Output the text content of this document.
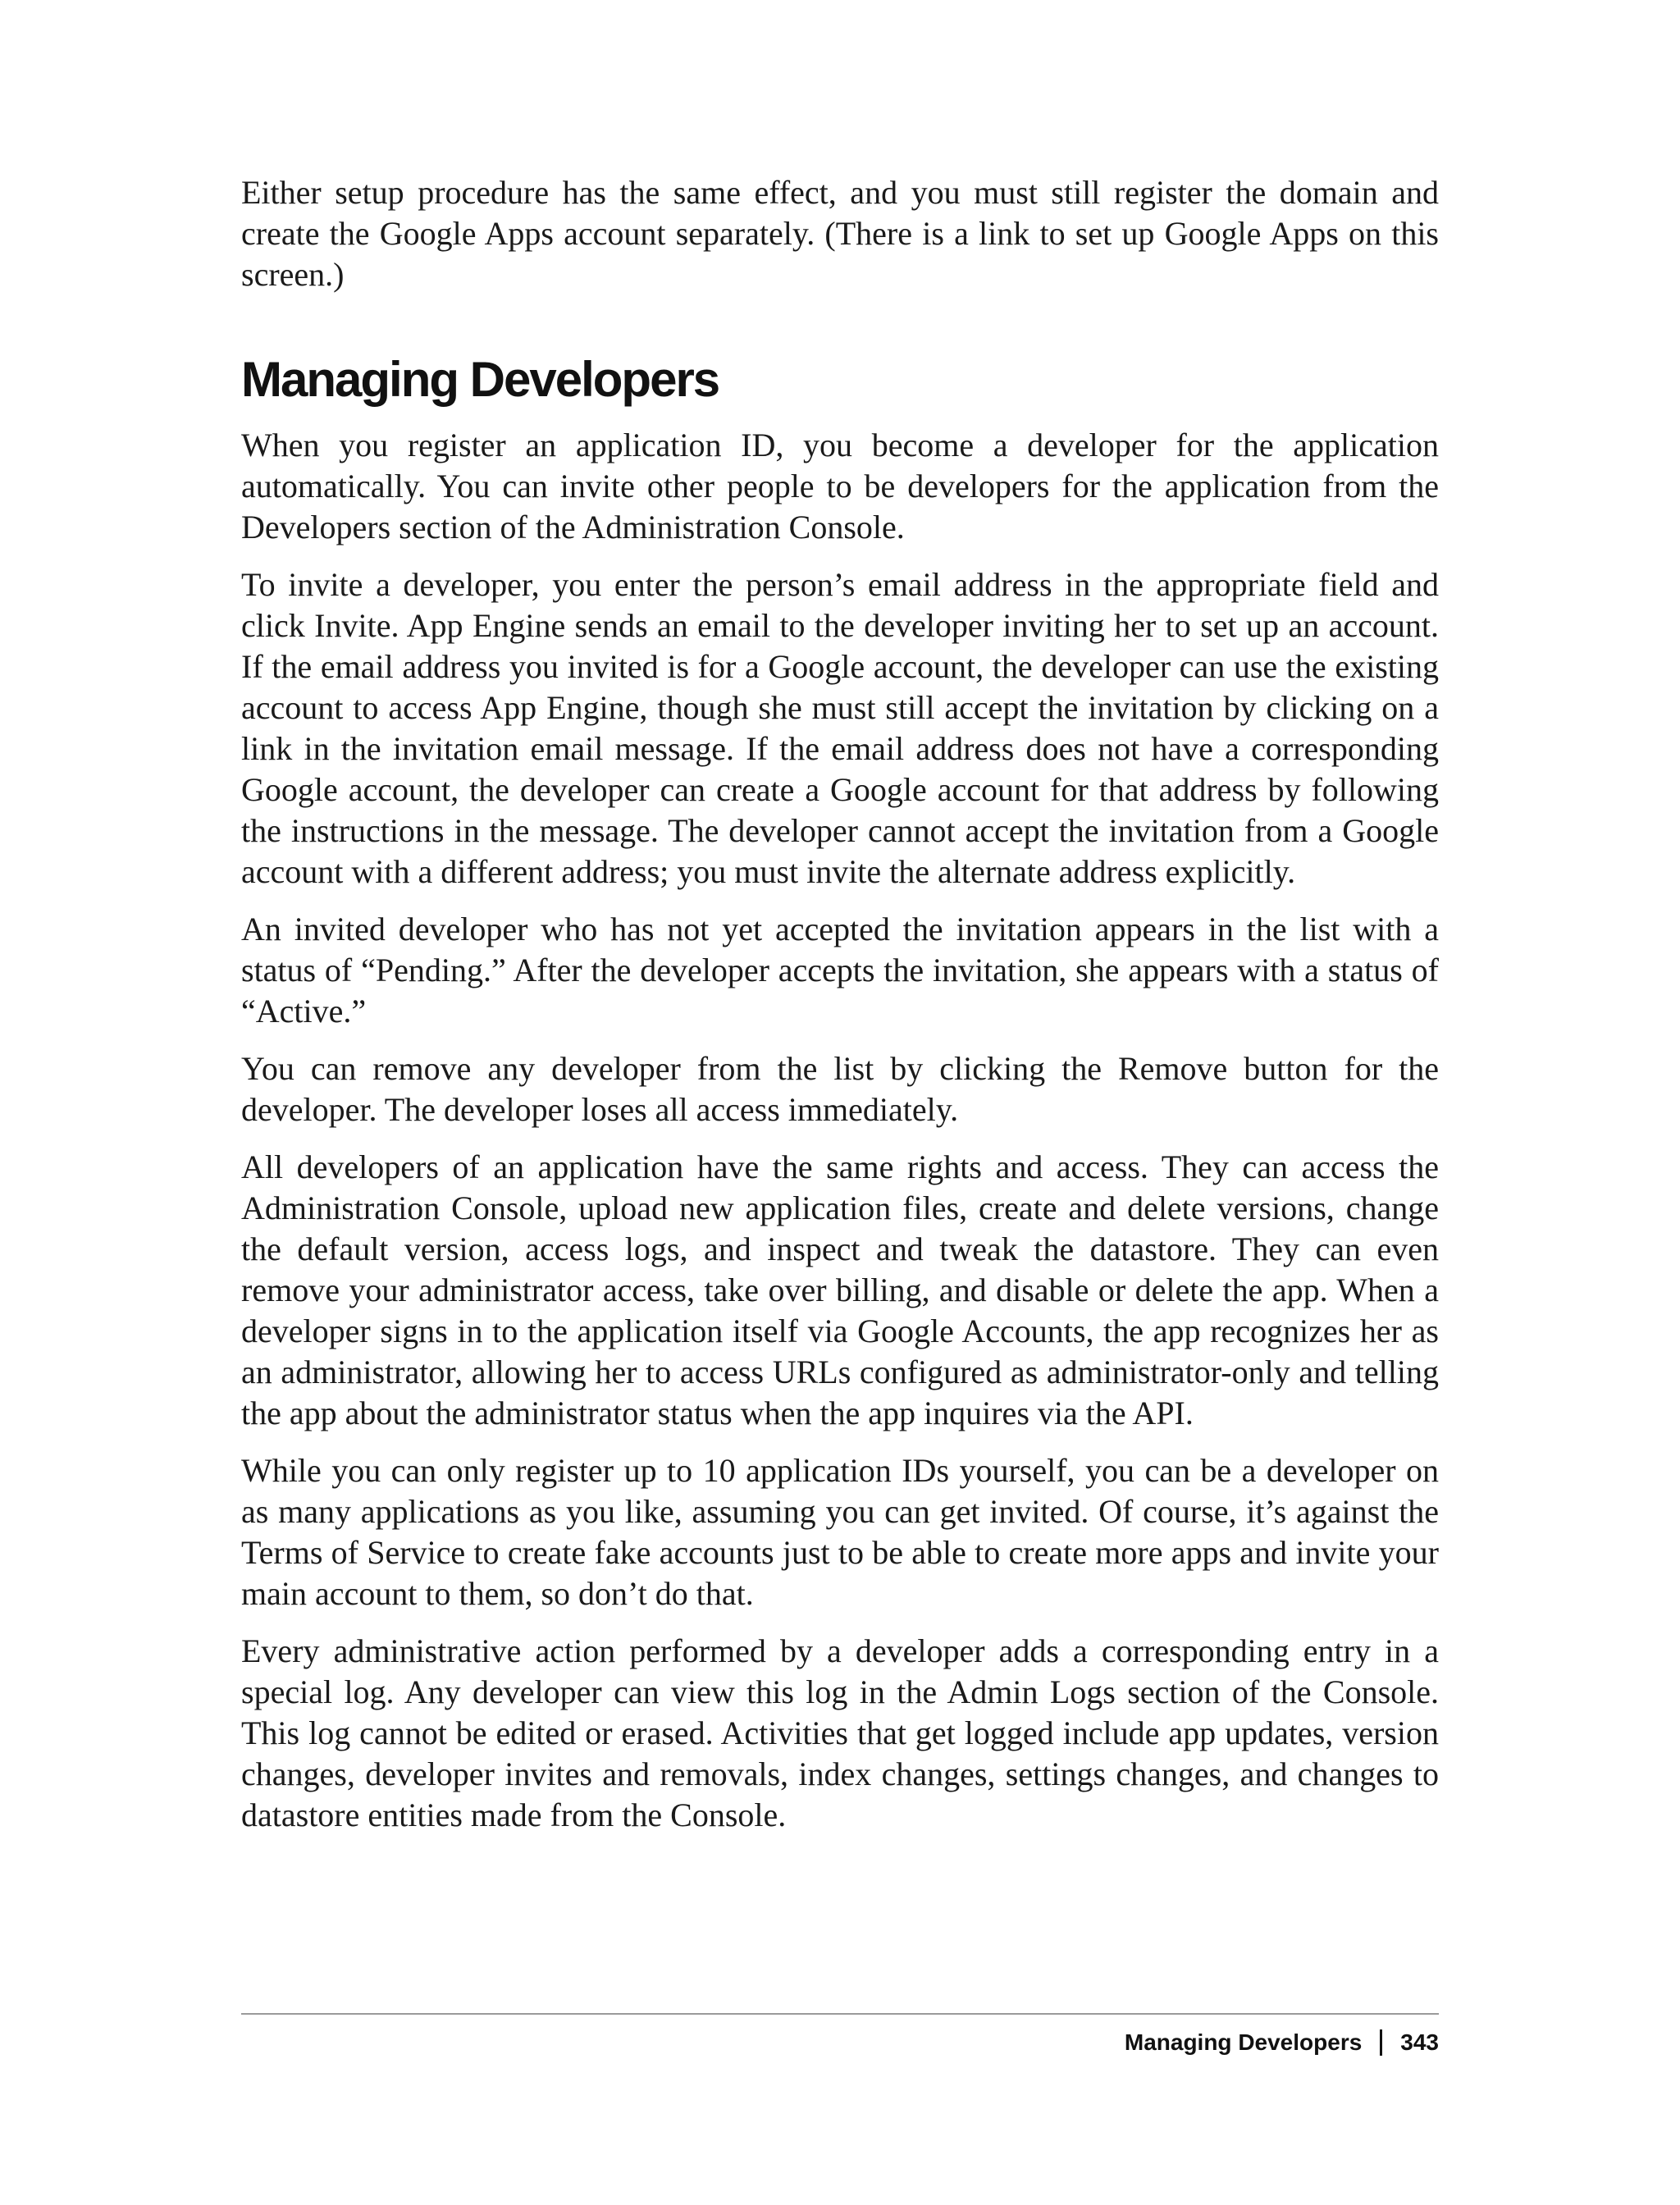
Either setup procedure has the same effect, and you must still register the domain and create the Google Apps account separately. (There is a link to set up Google Apps on this screen.)

Managing Developers

When you register an application ID, you become a developer for the application automatically. You can invite other people to be developers for the application from the Developers section of the Administration Console.

To invite a developer, you enter the person’s email address in the appropriate field and click Invite. App Engine sends an email to the developer inviting her to set up an account. If the email address you invited is for a Google account, the developer can use the existing account to access App Engine, though she must still accept the invitation by clicking on a link in the invitation email message. If the email address does not have a corresponding Google account, the developer can create a Google account for that address by following the instructions in the message. The developer cannot accept the invitation from a Google account with a different address; you must invite the alternate address explicitly.

An invited developer who has not yet accepted the invitation appears in the list with a status of “Pending.” After the developer accepts the invitation, she appears with a status of “Active.”

You can remove any developer from the list by clicking the Remove button for the developer. The developer loses all access immediately.

All developers of an application have the same rights and access. They can access the Administration Console, upload new application files, create and delete versions, change the default version, access logs, and inspect and tweak the datastore. They can even remove your administrator access, take over billing, and disable or delete the app. When a developer signs in to the application itself via Google Accounts, the app recognizes her as an administrator, allowing her to access URLs configured as administrator-only and telling the app about the administrator status when the app inquires via the API.

While you can only register up to 10 application IDs yourself, you can be a developer on as many applications as you like, assuming you can get invited. Of course, it’s against the Terms of Service to create fake accounts just to be able to create more apps and invite your main account to them, so don’t do that.

Every administrative action performed by a developer adds a corresponding entry in a special log. Any developer can view this log in the Admin Logs section of the Console. This log cannot be edited or erased. Activities that get logged include app updates, version changes, developer invites and removals, index changes, settings changes, and changes to datastore entities made from the Console.

Managing Developers 343
